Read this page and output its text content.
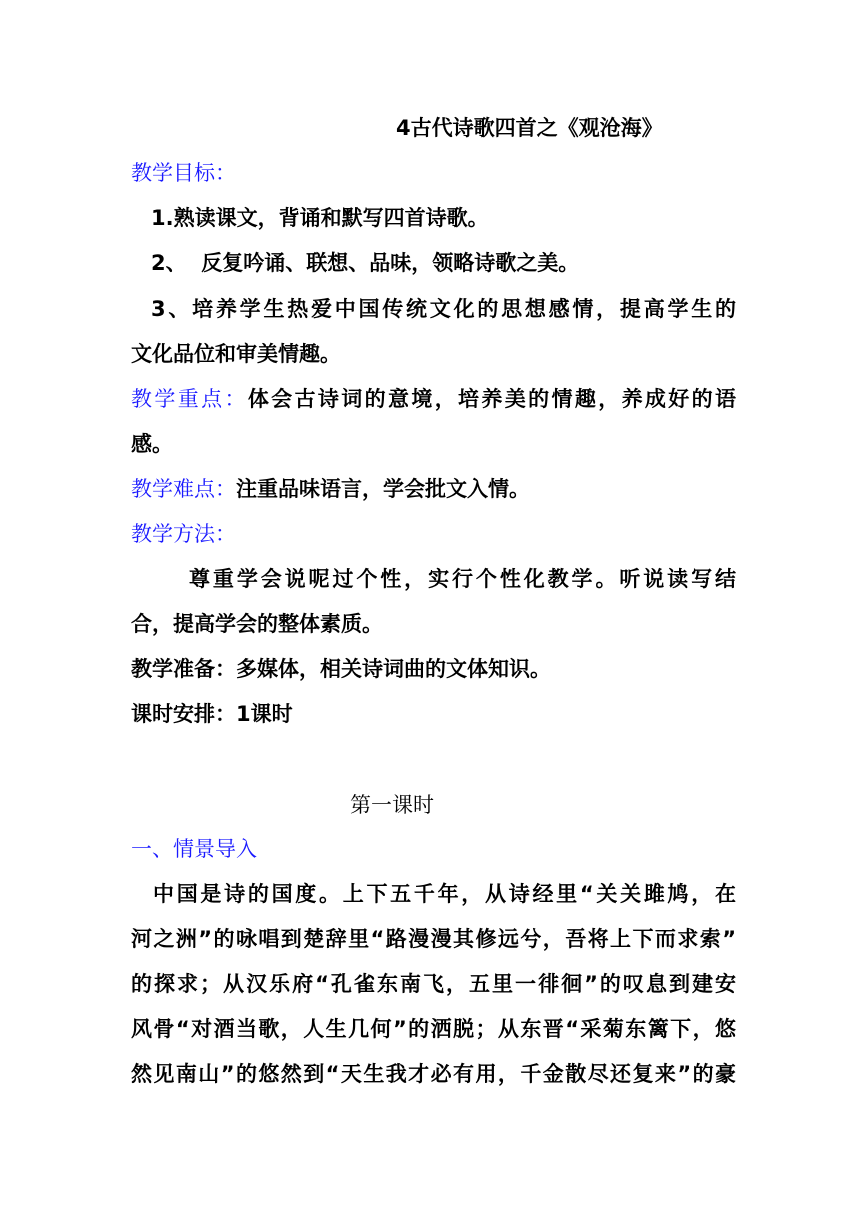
4古代诗歌四首之《观沧海》
教学目标：
1.熟读课文，背诵和默写四首诗歌。
2、  反复吟诵、联想、品味，领略诗歌之美。
3、培养学生热爱中国传统文化的思想感情，提高学生的
文化品位和审美情趣。
教学重点：体会古诗词的意境，培养美的情趣，养成好的语
感。
教学难点：注重品味语言，学会批文入情。
教学方法：
尊重学会说呢过个性，实行个性化教学。听说读写结
合，提高学会的整体素质。
教学准备：多媒体，相关诗词曲的文体知识。
课时安排：1课时
第一课时
一、情景导入
中国是诗的国度。上下五千年，从诗经里“关关雎鸠，在
河之洲”的咏唱到楚辞里“路漫漫其修远兮，吾将上下而求索”
的探求；从汉乐府“孔雀东南飞，五里一徘徊”的叹息到建安
风骨“对酒当歌，人生几何”的洒脱；从东晋“采菊东篱下，悠
然见南山”的悠然到“天生我才必有用，千金散尽还复来”的豪
